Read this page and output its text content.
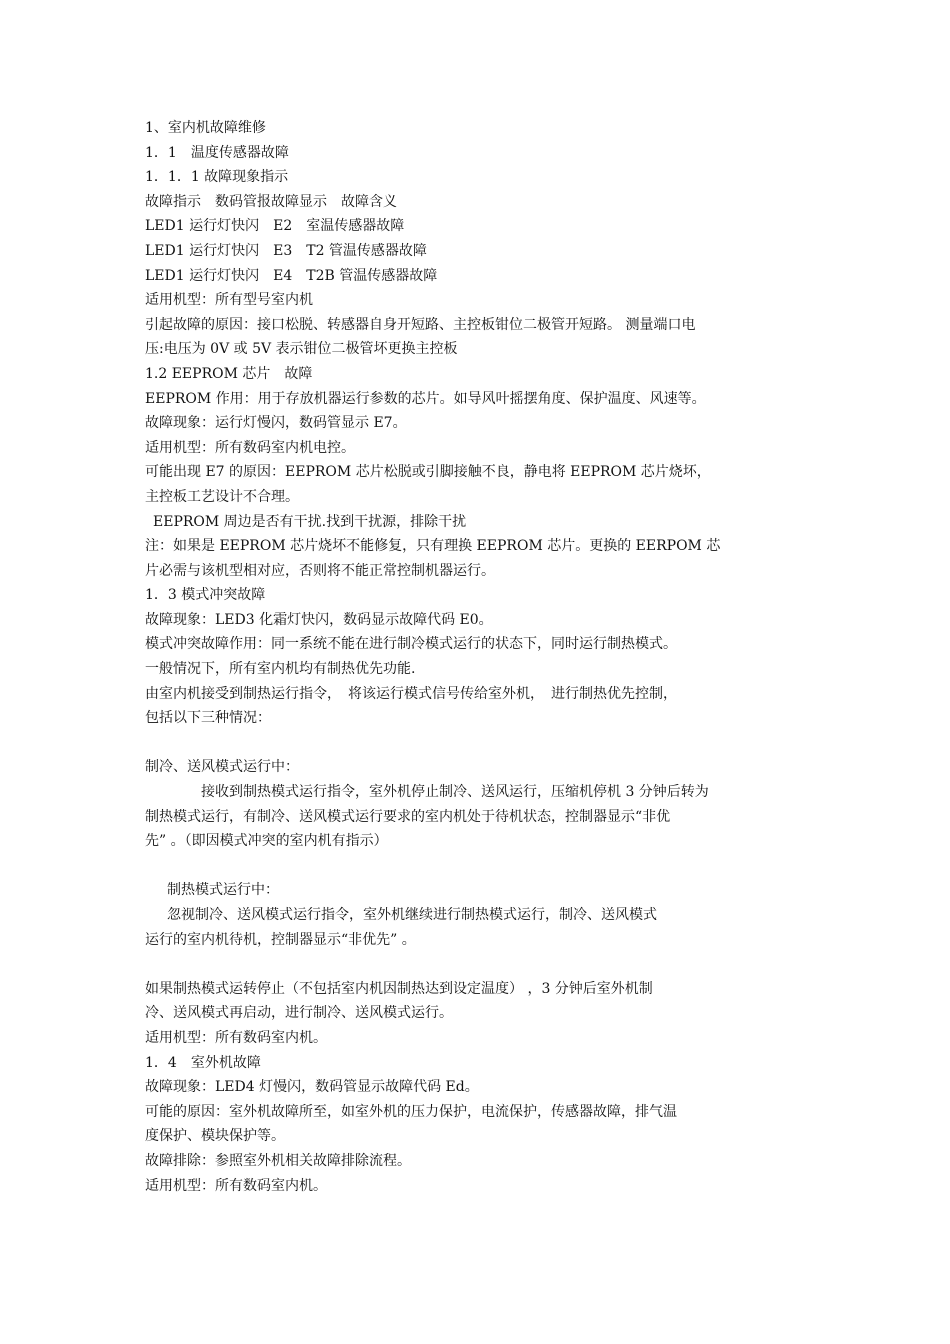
1、室内机故障维修
1．1　温度传感器故障
1．1．1 故障现象指示
故障指示　数码管报故障显示　故障含义
LED1 运行灯快闪　E2　室温传感器故障
LED1 运行灯快闪　E3　T2 管温传感器故障
LED1 运行灯快闪　E4　T2B 管温传感器故障
适用机型：所有型号室内机
引起故障的原因：接口松脱、转感器自身开短路、主控板钳位二极管开短路。 测量端口电
压:电压为 0V 或 5V 表示钳位二极管坏更换主控板
1.2 EEPROM 芯片　故障
EEPROM 作用：用于存放机器运行参数的芯片。如导风叶摇摆角度、保护温度、风速等。
故障现象：运行灯慢闪，数码管显示 E7。
适用机型：所有数码室内机电控。
可能出现 E7 的原因：EEPROM 芯片松脱或引脚接触不良，静电将 EEPROM 芯片烧坏，
主控板工艺设计不合理。
EEPROM 周边是否有干扰.找到干扰源，排除干扰
注：如果是 EEPROM 芯片烧坏不能修复，只有理换 EEPROM 芯片。更换的 EERPOM 芯
片必需与该机型相对应，否则将不能正常控制机器运行。
1．3 模式冲突故障
故障现象：LED3 化霜灯快闪，数码显示故障代码 E0。
模式冲突故障作用：同一系统不能在进行制冷模式运行的状态下，同时运行制热模式。
一般情况下，所有室内机均有制热优先功能.
由室内机接受到制热运行指令，　将该运行模式信号传给室外机，　进行制热优先控制，
包括以下三种情况：
制冷、送风模式运行中：
接收到制热模式运行指令，室外机停止制冷、送风运行，压缩机停机 3 分钟后转为
制热模式运行，有制冷、送风模式运行要求的室内机处于待机状态，控制器显示“非优
先” 。（即因模式冲突的室内机有指示）
制热模式运行中：
忽视制冷、送风模式运行指令，室外机继续进行制热模式运行，制冷、送风模式
运行的室内机待机，控制器显示“非优先” 。
如果制热模式运转停止（不包括室内机因制热达到设定温度） ，3 分钟后室外机制
冷、送风模式再启动，进行制冷、送风模式运行。
适用机型：所有数码室内机。
1．4　室外机故障
故障现象：LED4 灯慢闪，数码管显示故障代码 Ed。
可能的原因：室外机故障所至，如室外机的压力保护，电流保护，传感器故障，排气温
度保护、模块保护等。
故障排除：参照室外机相关故障排除流程。
适用机型：所有数码室内机。
